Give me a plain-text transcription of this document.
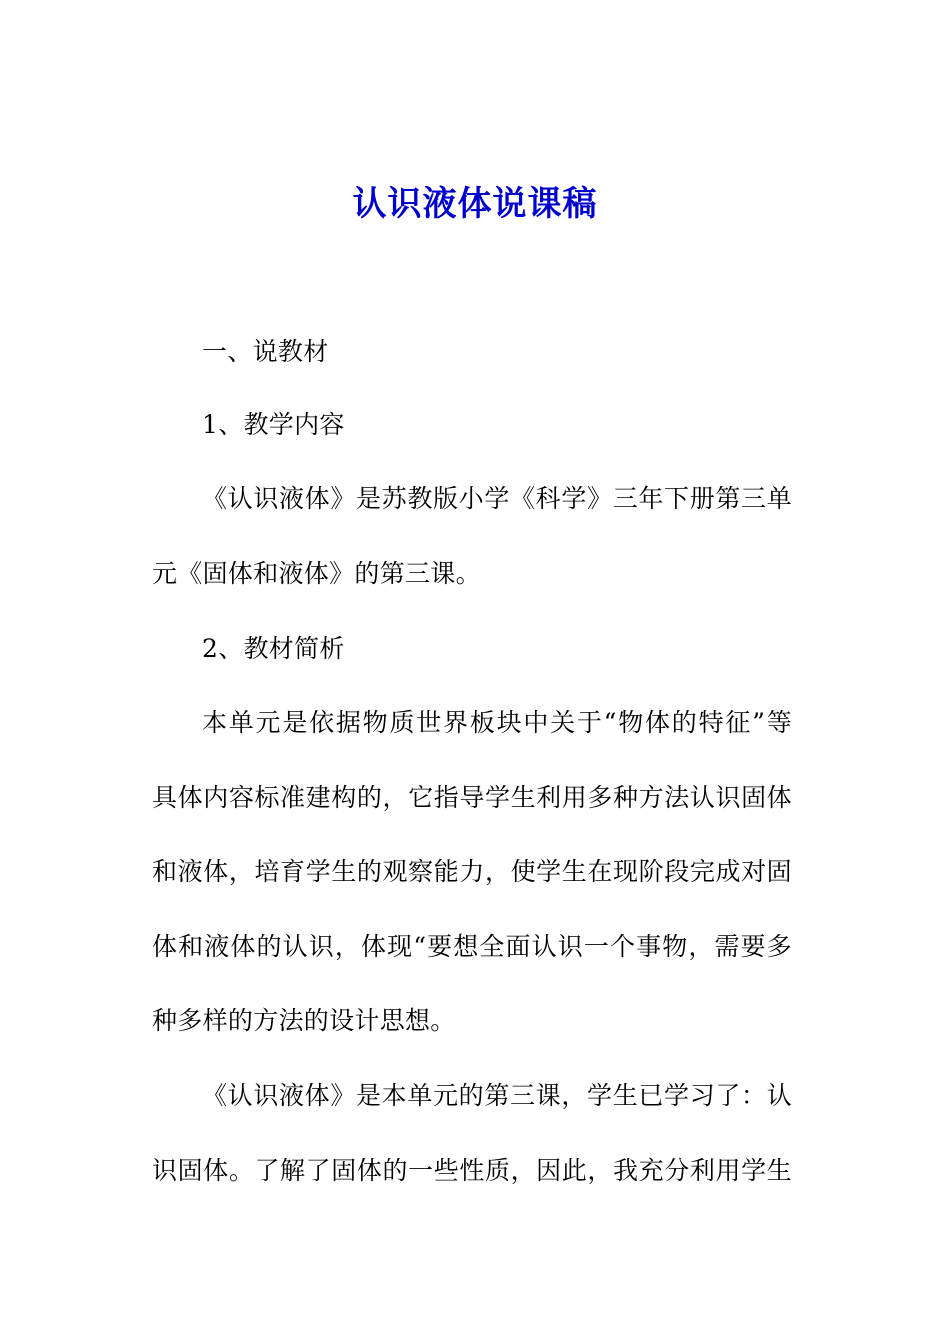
认识液体说课稿
一、说教材
1、教学内容
《认识液体》是苏教版小学《科学》三年下册第三单
元《固体和液体》的第三课。
2、教材简析
本单元是依据物质世界板块中关于“物体的特征”等
具体内容标准建构的，它指导学生利用多种方法认识固体
和液体，培育学生的观察能力，使学生在现阶段完成对固
体和液体的认识，体现“要想全面认识一个事物，需要多
种多样的方法的设计思想。
《认识液体》是本单元的第三课，学生已学习了：认
识固体。了解了固体的一些性质，因此，我充分利用学生
